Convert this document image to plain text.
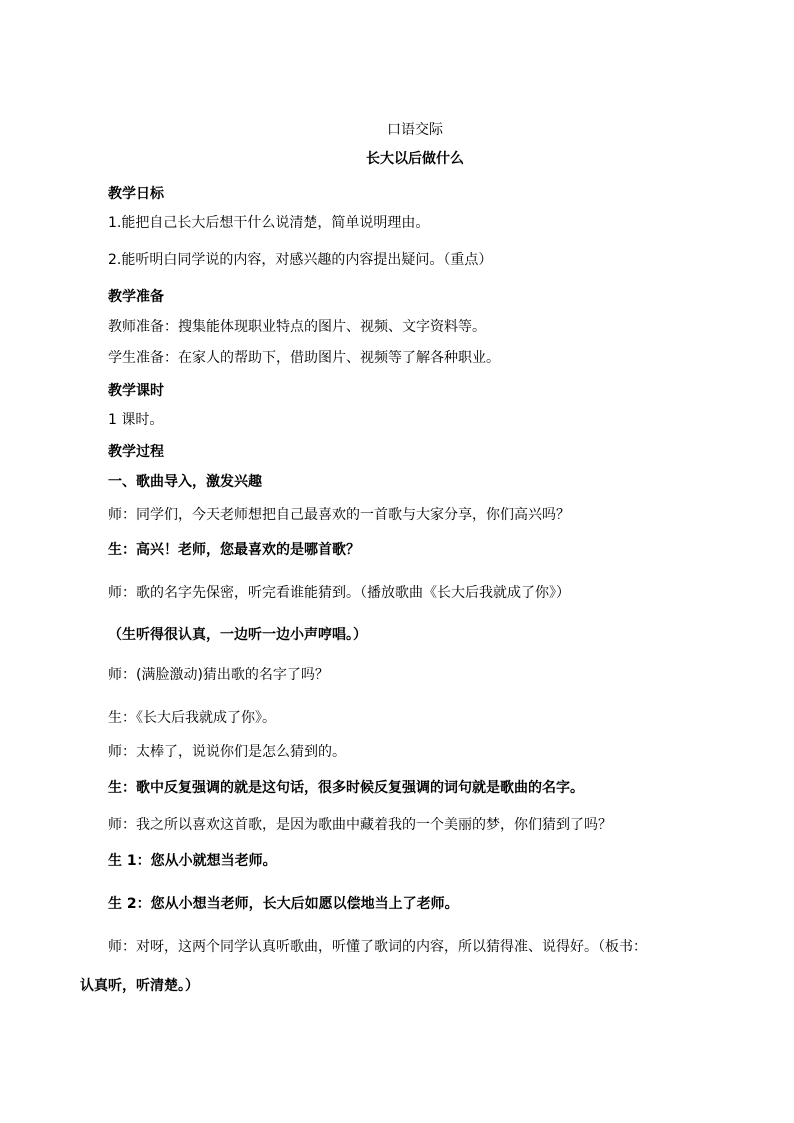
口语交际
长大以后做什么
教学日标
1.能把自己长大后想干什么说清楚，简单说明理由。
2.能听明白同学说的内容，对感兴趣的内容提出疑问。（重点）
教学准备
教师准备：搜集能体现职业特点的图片、视频、文字资料等。
学生准备：在家人的帮助下，借助图片、视频等了解各种职业。
教学课时
1 课时。
教学过程
一、歌曲导入，激发兴趣
师：同学们，今天老师想把自己最喜欢的一首歌与大家分享，你们高兴吗？
生：高兴！老师，您最喜欢的是哪首歌？
师：歌的名字先保密，听完看谁能猜到。（播放歌曲《长大后我就成了你》）
（生听得很认真，一边听一边小声哼唱。）
师：(满脸激动)猜出歌的名字了吗？
生：《长大后我就成了你》。
师：太棒了，说说你们是怎么猜到的。
生：歌中反复强调的就是这句话，很多时候反复强调的词句就是歌曲的名字。
师：我之所以喜欢这首歌，是因为歌曲中藏着我的一个美丽的梦，你们猜到了吗？
生 1：您从小就想当老师。
生 2：您从小想当老师，长大后如愿以偿地当上了老师。
师：对呀，这两个同学认真听歌曲，听懂了歌词的内容，所以猜得准、说得好。（板书：
认真听，听清楚。）
